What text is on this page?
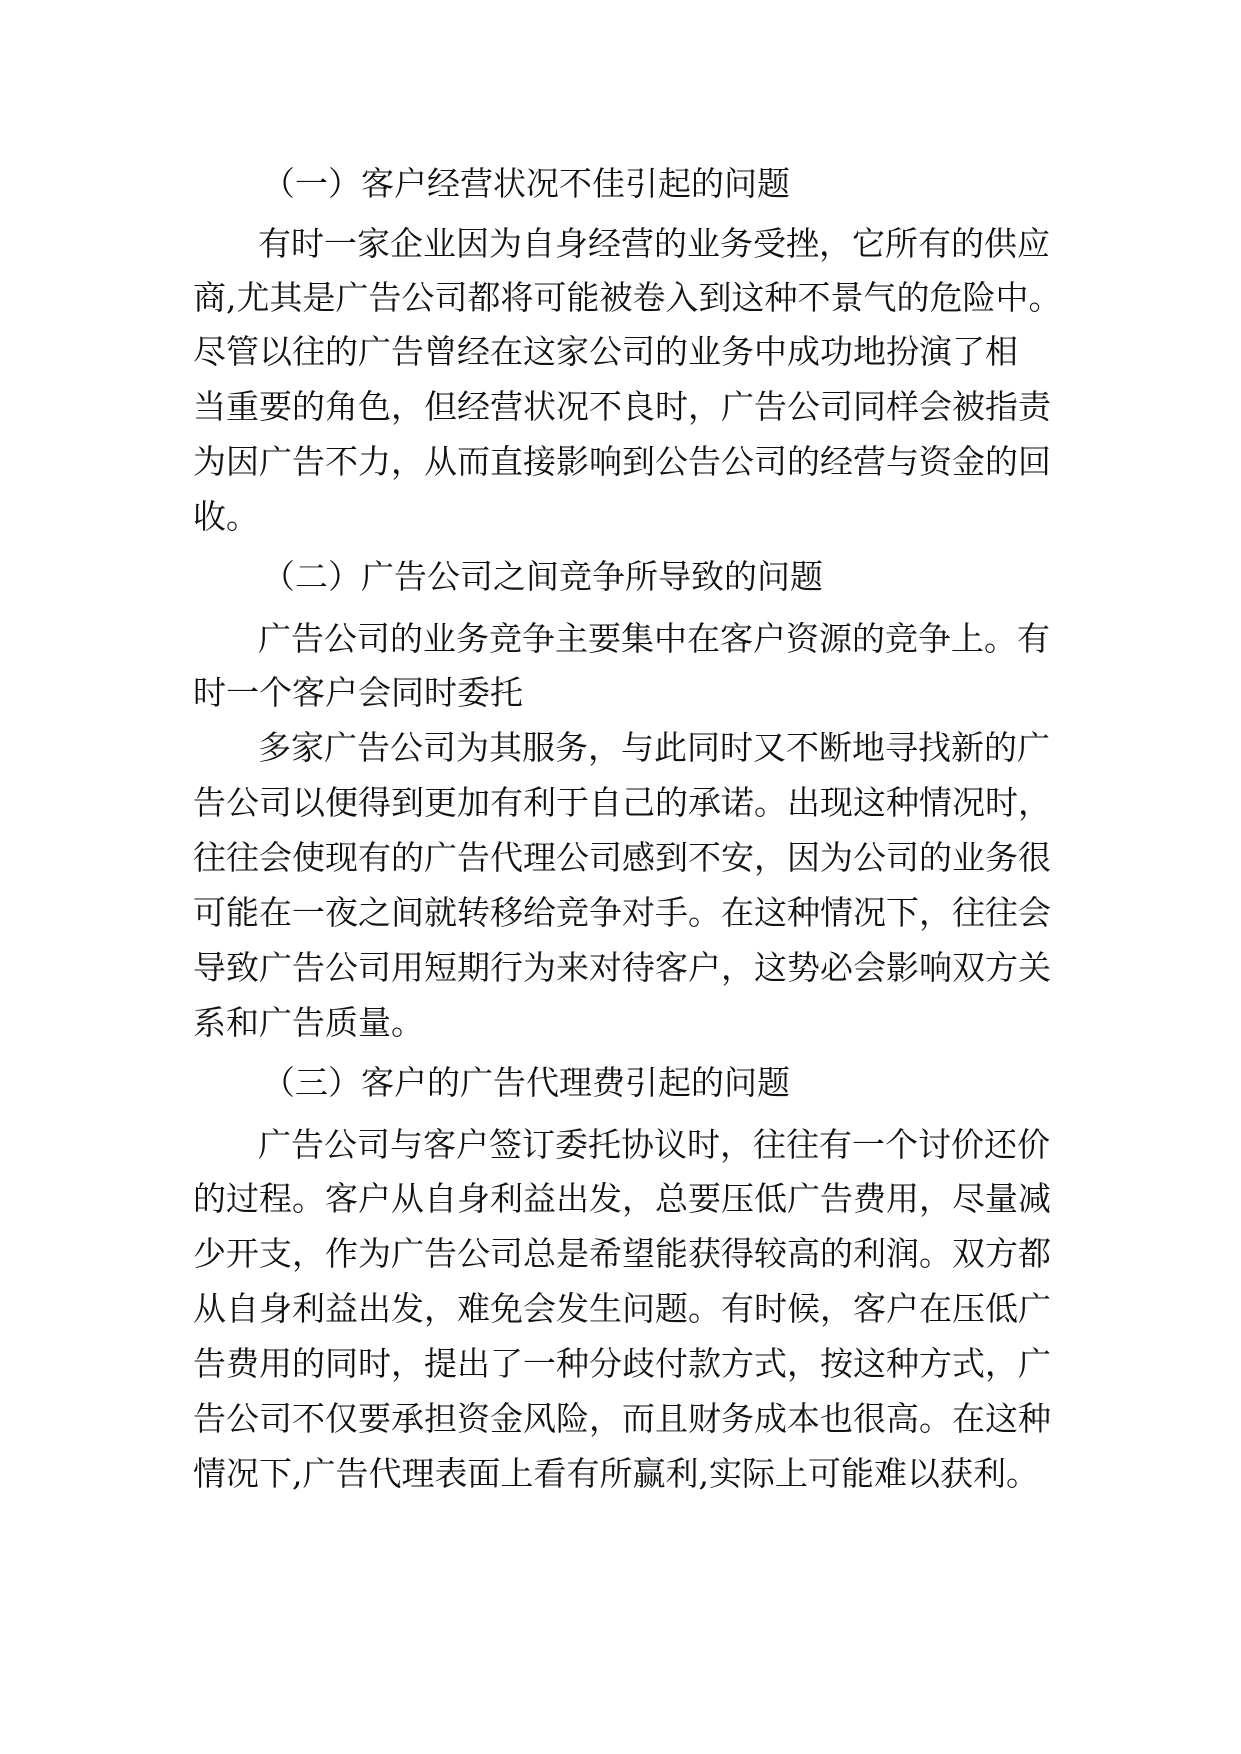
（一）客户经营状况不佳引起的问题

有时一家企业因为自身经营的业务受挫，它所有的供应

商,尤其是广告公司都将可能被卷入到这种不景气的危险中。

尽管以往的广告曾经在这家公司的业务中成功地扮演了相

当重要的角色，但经营状况不良时，广告公司同样会被指责

为因广告不力，从而直接影响到公告公司的经营与资金的回

收。

（二）广告公司之间竞争所导致的问题

广告公司的业务竞争主要集中在客户资源的竞争上。有

时一个客户会同时委托

多家广告公司为其服务，与此同时又不断地寻找新的广

告公司以便得到更加有利于自己的承诺。出现这种情况时，

往往会使现有的广告代理公司感到不安，因为公司的业务很

可能在一夜之间就转移给竞争对手。在这种情况下，往往会

导致广告公司用短期行为来对待客户，这势必会影响双方关

系和广告质量。

（三）客户的广告代理费引起的问题

广告公司与客户签订委托协议时，往往有一个讨价还价

的过程。客户从自身利益出发，总要压低广告费用，尽量减

少开支，作为广告公司总是希望能获得较高的利润。双方都

从自身利益出发，难免会发生问题。有时候，客户在压低广

告费用的同时，提出了一种分歧付款方式，按这种方式，广

告公司不仅要承担资金风险，而且财务成本也很高。在这种

情况下,广告代理表面上看有所赢利,实际上可能难以获利。
